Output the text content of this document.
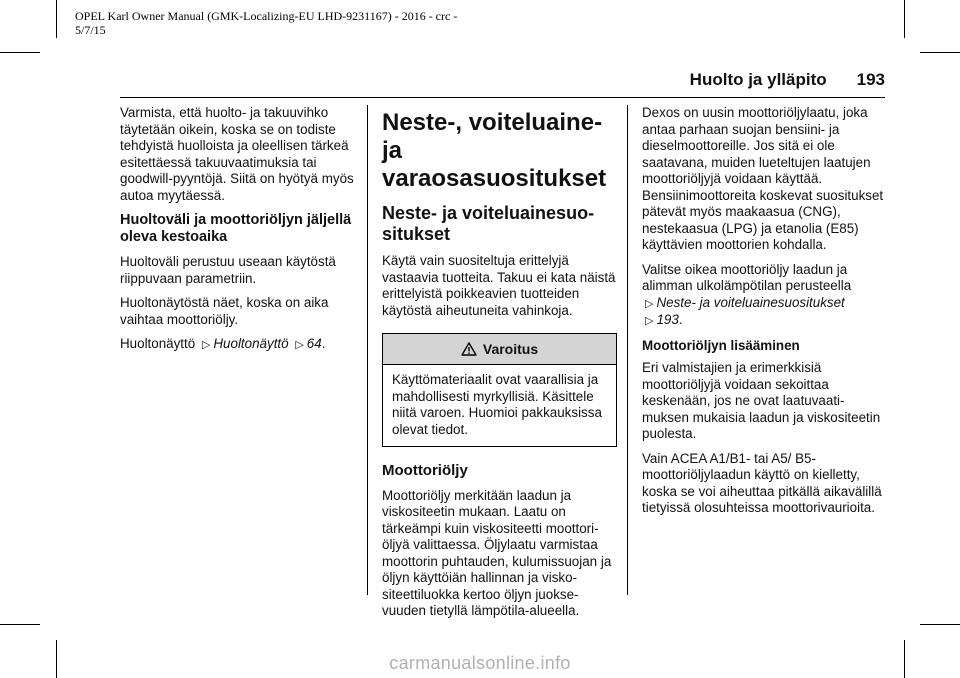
OPEL Karl Owner Manual (GMK-Localizing-EU LHD-9231167) - 2016 - crc -
5/7/15
Huolto ja ylläpito 193

Varmista, että huolto- ja takuuvihko täytetään oikein, koska se on todiste tehdyistä huolloista ja oleellisen tärkeä esitettäessä takuuvaatimuksia tai goodwill-pyyntöjä. Siitä on hyötyä myös autoa myytäessä.

Huoltoväli ja moottoriöljyn jäljellä oleva kestoaika

Huoltoväli perustuu useaan käytöstä riippuvaan parametriin.

Huoltonäytöstä näet, koska on aika vaihtaa moottoriöljy.

Huoltonäyttö ▷ Huoltonäyttö ▷ 64.

Neste-, voiteluaine- ja varaosasuositukset
Neste- ja voiteluainesuositukset

Käytä vain suositeltuja erittelyjä vastaavia tuotteita. Takuu ei kata näistä erittelyistä poikkeavien tuotteiden käytöstä aiheutuneita vahinkoja.

Varoitus
Käyttömateriaalit ovat vaarallisia ja mahdollisesti myrkyllisiä. Käsittele niitä varoen. Huomioi pakkauksissa olevat tiedot.
Moottoriöljy

Moottoriöljy merkitään laadun ja viskositeetin mukaan. Laatu on tärkeämpi kuin viskositeetti moottoriöljyä valittaessa. Öljylaatu varmistaa moottorin puhtauden, kulumissuojan ja öljyn käyttöiän hallinnan ja viskositeettiluokka kertoo öljyn juoksevuuden tietyllä lämpötila-alueella.

Dexos on uusin moottoriöljylaatu, joka antaa parhaan suojan bensiini- ja dieselmoottoreille. Jos sitä ei ole saatavana, muiden lueteltujen laatujen moottoriöljyjä voidaan käyttää. Bensiinimoottoreita koskevat suositukset pätevät myös maakaasua (CNG), nestekaasua (LPG) ja etanolia (E85) käyttävien moottorien kohdalla.

Valitse oikea moottoriöljy laadun ja alimman ulkolämpötilan perusteella ▷ Neste- ja voiteluainesuositukset ▷ 193.

Moottoriöljyn lisääminen

Eri valmistajien ja erimerkkisiä moottoriöljyjä voidaan sekoittaa keskenään, jos ne ovat laatuvaatimuksen mukaisia laadun ja viskositeetin puolesta.

Vain ACEA A1/B1- tai A5/ B5-moottoriöljylaadun käyttö on kielletty, koska se voi aiheuttaa pitkällä aikavälillä tietyissä olosuhteissa moottorivaurioita.

carmanualsonline.info
